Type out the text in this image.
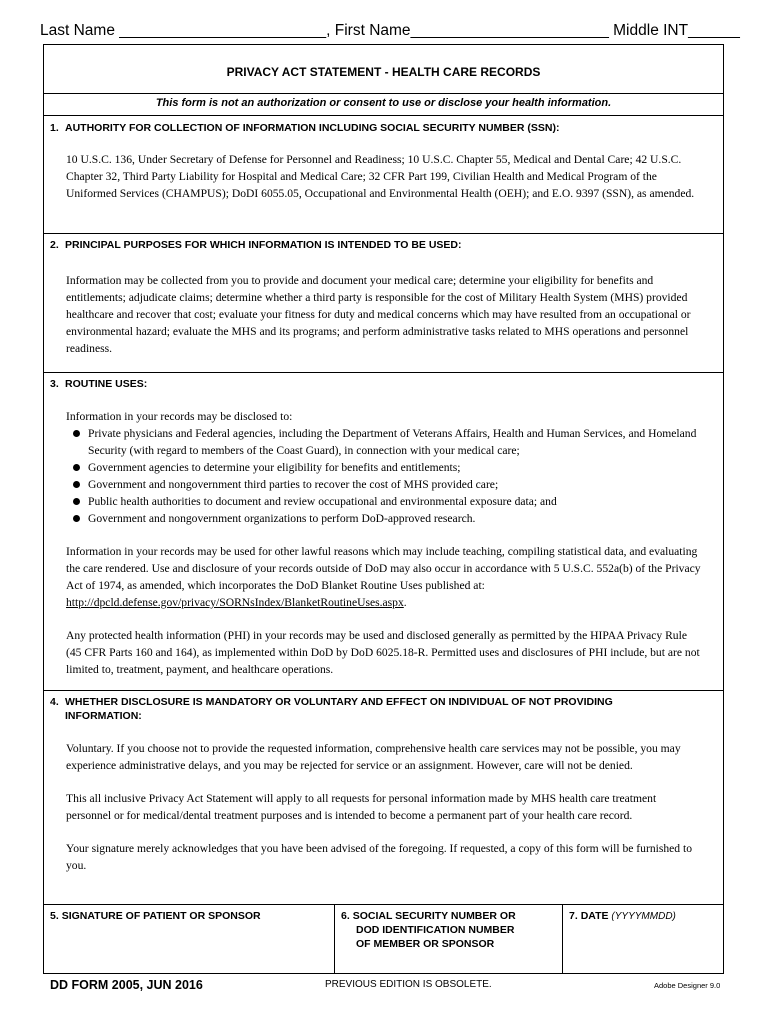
Last Name ________________________, First Name_______________________ Middle INT______
PRIVACY ACT STATEMENT - HEALTH CARE RECORDS
This form is not an authorization or consent to use or disclose your health information.
1. AUTHORITY FOR COLLECTION OF INFORMATION INCLUDING SOCIAL SECURITY NUMBER (SSN):

10 U.S.C. 136, Under Secretary of Defense for Personnel and Readiness; 10 U.S.C. Chapter 55, Medical and Dental Care; 42 U.S.C. Chapter 32, Third Party Liability for Hospital and Medical Care; 32 CFR Part 199, Civilian Health and Medical Program of the Uniformed Services (CHAMPUS); DoDI 6055.05, Occupational and Environmental Health (OEH); and E.O. 9397 (SSN), as amended.

2. PRINCIPAL PURPOSES FOR WHICH INFORMATION IS INTENDED TO BE USED:

Information may be collected from you to provide and document your medical care; determine your eligibility for benefits and entitlements; adjudicate claims; determine whether a third party is responsible for the cost of Military Health System (MHS) provided healthcare and recover that cost; evaluate your fitness for duty and medical concerns which may have resulted from an occupational or environmental hazard; evaluate the MHS and its programs; and perform administrative tasks related to MHS operations and personnel readiness.

3. ROUTINE USES:

Information in your records may be disclosed to:

Private physicians and Federal agencies, including the Department of Veterans Affairs, Health and Human Services, and Homeland Security (with regard to members of the Coast Guard), in connection with your medical care;
Government agencies to determine your eligibility for benefits and entitlements;
Government and nongovernment third parties to recover the cost of MHS provided care;
Public health authorities to document and review occupational and environmental exposure data; and
Government and nongovernment organizations to perform DoD-approved research.

Information in your records may be used for other lawful reasons which may include teaching, compiling statistical data, and evaluating the care rendered. Use and disclosure of your records outside of DoD may also occur in accordance with 5 U.S.C. 552a(b) of the Privacy Act of 1974, as amended, which incorporates the DoD Blanket Routine Uses published at: http://dpcld.defense.gov/privacy/SORNsIndex/BlanketRoutineUses.aspx.

Any protected health information (PHI) in your records may be used and disclosed generally as permitted by the HIPAA Privacy Rule (45 CFR Parts 160 and 164), as implemented within DoD by DoD 6025.18-R. Permitted uses and disclosures of PHI include, but are not limited to, treatment, payment, and healthcare operations.

4. WHETHER DISCLOSURE IS MANDATORY OR VOLUNTARY AND EFFECT ON INDIVIDUAL OF NOT PROVIDING
INFORMATION:

Voluntary. If you choose not to provide the requested information, comprehensive health care services may not be possible, you may experience administrative delays, and you may be rejected for service or an assignment. However, care will not be denied.

This all inclusive Privacy Act Statement will apply to all requests for personal information made by MHS health care treatment personnel or for medical/dental treatment purposes and is intended to become a permanent part of your health care record.

Your signature merely acknowledges that you have been advised of the foregoing. If requested, a copy of this form will be furnished to you.

5. SIGNATURE OF PATIENT OR SPONSOR	6. SOCIAL SECURITY NUMBER OR
DOD IDENTIFICATION NUMBER
OF MEMBER OR SPONSOR
7. DATE (YYYYMMDD)
DD FORM 2005, JUN 2016	PREVIOUS EDITION IS OBSOLETE.	Adobe Designer 9.0
